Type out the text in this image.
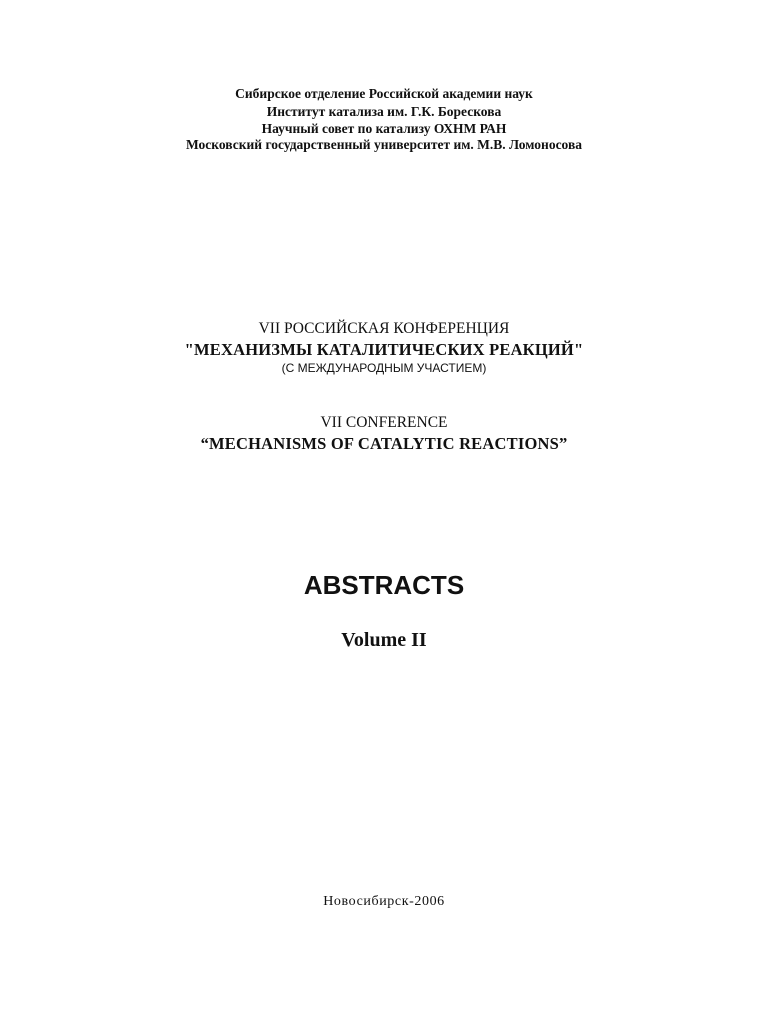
Сибирское отделение Российской академии наук
Институт катализа им. Г.К. Борескова
Научный совет по катализу ОХНМ РАН
Московский государственный университет им. М.В. Ломоносова
VII РОССИЙСКАЯ КОНФЕРЕНЦИЯ
"МЕХАНИЗМЫ КАТАЛИТИЧЕСКИХ РЕАКЦИЙ"
(С МЕЖДУНАРОДНЫМ УЧАСТИЕМ)
VII CONFERENCE
“MECHANISMS OF CATALYTIC REACTIONS”
ABSTRACTS
Volume II
Новосибирск-2006
